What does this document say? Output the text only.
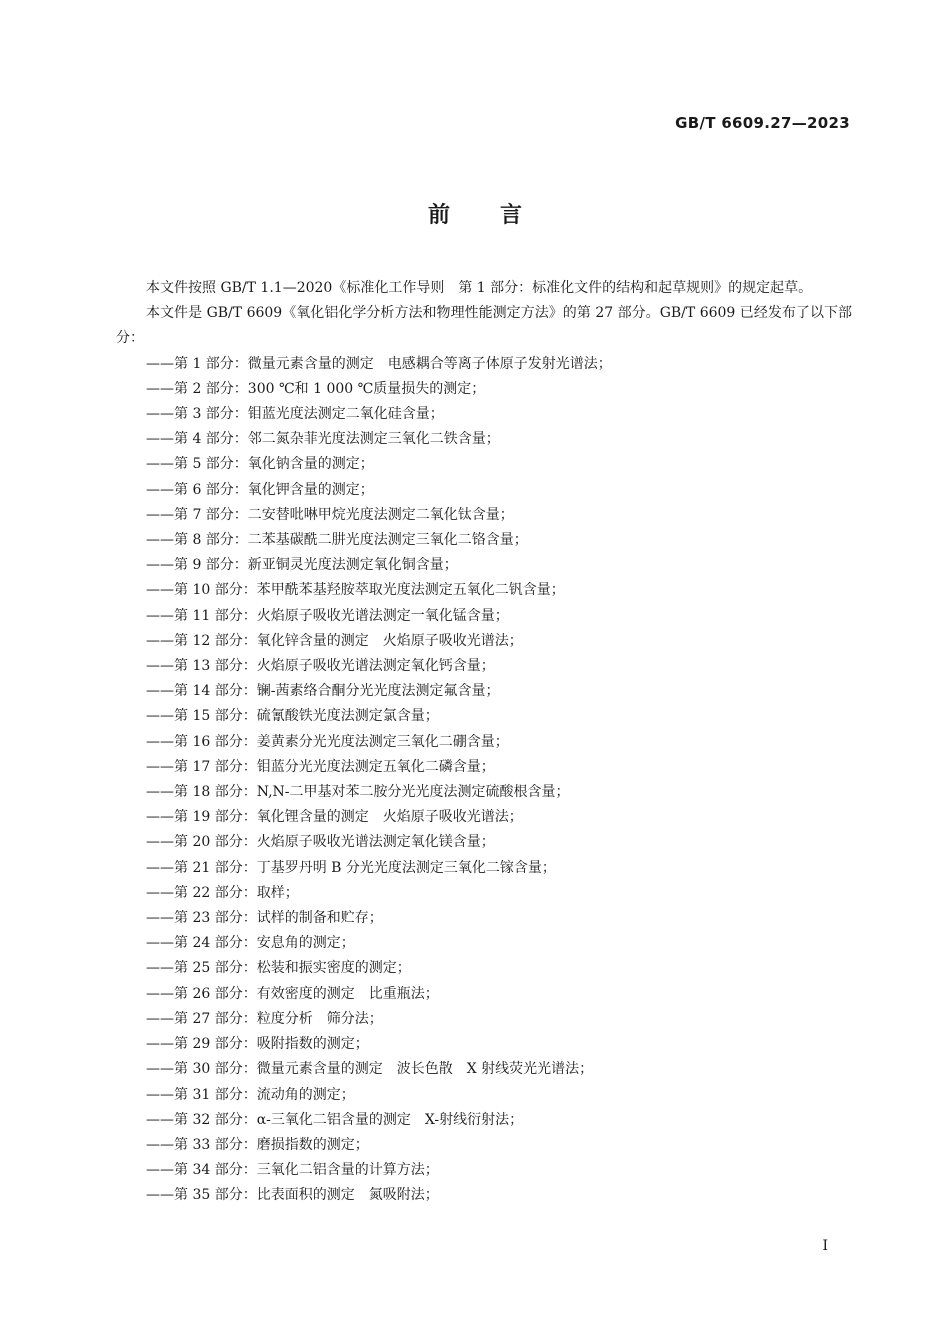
GB/T 6609.27—2023
前言

本文件按照 GB/T 1.1—2020《标准化工作导则　第 1 部分：标准化文件的结构和起草规则》的规定起草。

本文件是 GB/T 6609《氧化铝化学分析方法和物理性能测定方法》的第 27 部分。GB/T 6609 已经发布了以下部分：

——第 1 部分：微量元素含量的测定　电感耦合等离子体原子发射光谱法；
——第 2 部分：300 ℃和 1 000 ℃质量损失的测定；
——第 3 部分：钼蓝光度法测定二氧化硅含量；
——第 4 部分：邻二氮杂菲光度法测定三氧化二铁含量；
——第 5 部分：氧化钠含量的测定；
——第 6 部分：氧化钾含量的测定；
——第 7 部分：二安替吡啉甲烷光度法测定二氧化钛含量；
——第 8 部分：二苯基碳酰二肼光度法测定三氧化二铬含量；
——第 9 部分：新亚铜灵光度法测定氧化铜含量；
——第 10 部分：苯甲酰苯基羟胺萃取光度法测定五氧化二钒含量；
——第 11 部分：火焰原子吸收光谱法测定一氧化锰含量；
——第 12 部分：氧化锌含量的测定　火焰原子吸收光谱法；
——第 13 部分：火焰原子吸收光谱法测定氧化钙含量；
——第 14 部分：镧-茜素络合酮分光光度法测定氟含量；
——第 15 部分：硫氰酸铁光度法测定氯含量；
——第 16 部分：姜黄素分光光度法测定三氧化二硼含量；
——第 17 部分：钼蓝分光光度法测定五氧化二磷含量；
——第 18 部分：N,N-二甲基对苯二胺分光光度法测定硫酸根含量；
——第 19 部分：氧化锂含量的测定　火焰原子吸收光谱法；
——第 20 部分：火焰原子吸收光谱法测定氧化镁含量；
——第 21 部分：丁基罗丹明 B 分光光度法测定三氧化二镓含量；
——第 22 部分：取样；
——第 23 部分：试样的制备和贮存；
——第 24 部分：安息角的测定；
——第 25 部分：松装和振实密度的测定；
——第 26 部分：有效密度的测定　比重瓶法；
——第 27 部分：粒度分析　筛分法；
——第 29 部分：吸附指数的测定；
——第 30 部分：微量元素含量的测定　波长色散　X 射线荧光光谱法；
——第 31 部分：流动角的测定；
——第 32 部分：α-三氧化二铝含量的测定　X-射线衍射法；
——第 33 部分：磨损指数的测定；
——第 34 部分：三氧化二铝含量的计算方法；
——第 35 部分：比表面积的测定　氮吸附法；
I
